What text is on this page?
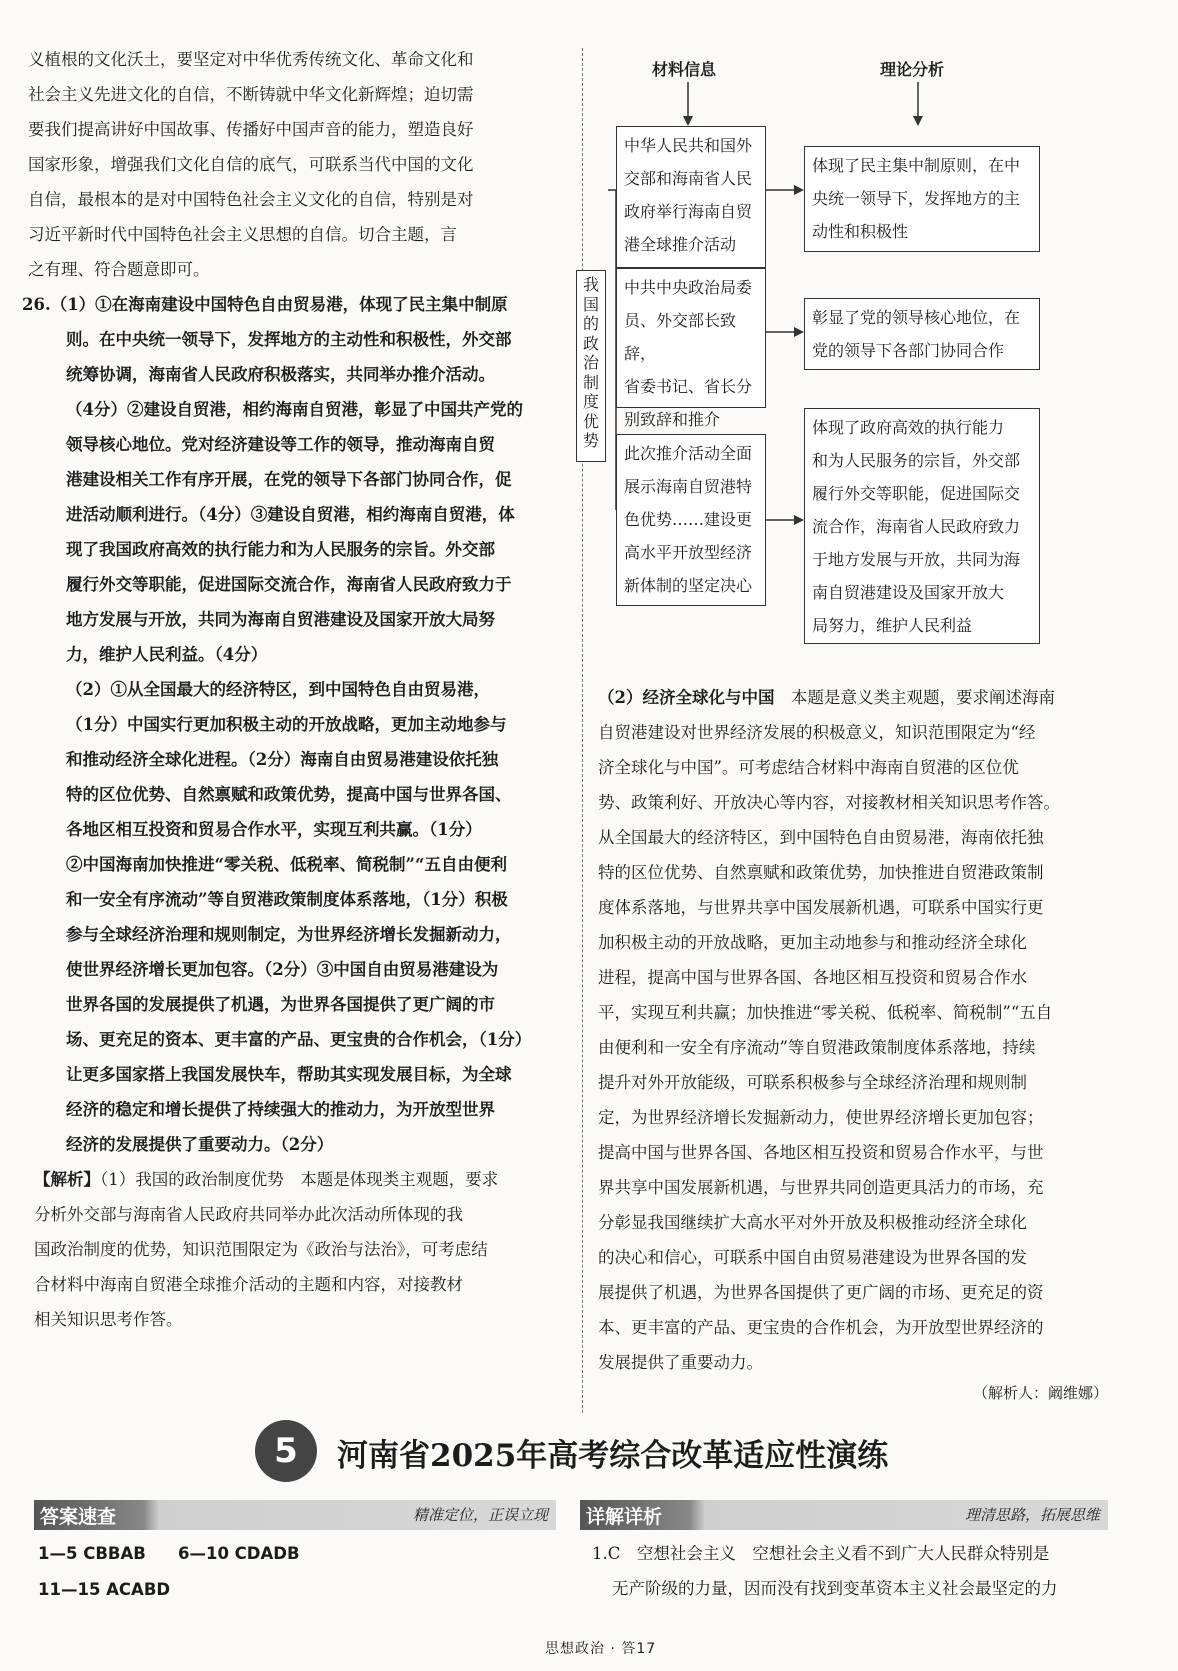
义植根的文化沃土，要坚定对中华优秀传统文化、革命文化和

社会主义先进文化的自信，不断铸就中华文化新辉煌；迫切需

要我们提高讲好中国故事、传播好中国声音的能力，塑造良好

国家形象，增强我们文化自信的底气，可联系当代中国的文化

自信，最根本的是对中国特色社会主义文化的自信，特别是对

习近平新时代中国特色社会主义思想的自信。切合主题，言

之有理、符合题意即可。

26.（1）①在海南建设中国特色自由贸易港，体现了民主集中制原

则。在中央统一领导下，发挥地方的主动性和积极性，外交部

统筹协调，海南省人民政府积极落实，共同举办推介活动。

（4分）②建设自贸港，相约海南自贸港，彰显了中国共产党的

领导核心地位。党对经济建设等工作的领导，推动海南自贸

港建设相关工作有序开展，在党的领导下各部门协同合作，促

进活动顺利进行。（4分）③建设自贸港，相约海南自贸港，体

现了我国政府高效的执行能力和为人民服务的宗旨。外交部

履行外交等职能，促进国际交流合作，海南省人民政府致力于

地方发展与开放，共同为海南自贸港建设及国家开放大局努

力，维护人民利益。（4分）

（2）①从全国最大的经济特区，到中国特色自由贸易港，

（1分）中国实行更加积极主动的开放战略，更加主动地参与

和推动经济全球化进程。（2分）海南自由贸易港建设依托独

特的区位优势、自然禀赋和政策优势，提高中国与世界各国、

各地区相互投资和贸易合作水平，实现互利共赢。（1分）

②中国海南加快推进“零关税、低税率、简税制”“五自由便利

和一安全有序流动”等自贸港政策制度体系落地，（1分）积极

参与全球经济治理和规则制定，为世界经济增长发掘新动力，

使世界经济增长更加包容。（2分）③中国自由贸易港建设为

世界各国的发展提供了机遇，为世界各国提供了更广阔的市

场、更充足的资本、更丰富的产品、更宝贵的合作机会，（1分）

让更多国家搭上我国发展快车，帮助其实现发展目标，为全球

经济的稳定和增长提供了持续强大的推动力，为开放型世界

经济的发展提供了重要动力。（2分）

【解析】（1）我国的政治制度优势　本题是体现类主观题，要求

分析外交部与海南省人民政府共同举办此次活动所体现的我

国政治制度的优势，知识范围限定为《政治与法治》，可考虑结

合材料中海南自贸港全球推介活动的主题和内容，对接教材

相关知识思考作答。

材料信息	理论分析
我国的政治制度优势
中华人民共和国外
交部和海南省人民
政府举行海南自贸
港全球推介活动
中共中央政治局委
员、外交部长致辞，
省委书记、省长分
别致辞和推介
此次推介活动全面
展示海南自贸港特
色优势……建设更
高水平开放型经济
新体制的坚定决心
体现了民主集中制原则，在中
央统一领导下，发挥地方的主
动性和积极性
彰显了党的领导核心地位，在
党的领导下各部门协同合作
体现了政府高效的执行能力
和为人民服务的宗旨，外交部
履行外交等职能，促进国际交
流合作，海南省人民政府致力
于地方发展与开放，共同为海
南自贸港建设及国家开放大
局努力，维护人民利益

（2）经济全球化与中国　本题是意义类主观题，要求阐述海南

自贸港建设对世界经济发展的积极意义，知识范围限定为“经

济全球化与中国”。可考虑结合材料中海南自贸港的区位优

势、政策利好、开放决心等内容，对接教材相关知识思考作答。

从全国最大的经济特区，到中国特色自由贸易港，海南依托独

特的区位优势、自然禀赋和政策优势，加快推进自贸港政策制

度体系落地，与世界共享中国发展新机遇，可联系中国实行更

加积极主动的开放战略，更加主动地参与和推动经济全球化

进程，提高中国与世界各国、各地区相互投资和贸易合作水

平，实现互利共赢；加快推进“零关税、低税率、简税制”“五自

由便利和一安全有序流动”等自贸港政策制度体系落地，持续

提升对外开放能级，可联系积极参与全球经济治理和规则制

定，为世界经济增长发掘新动力，使世界经济增长更加包容；

提高中国与世界各国、各地区相互投资和贸易合作水平，与世

界共享中国发展新机遇，与世界共同创造更具活力的市场，充

分彰显我国继续扩大高水平对外开放及积极推动经济全球化

的决心和信心，可联系中国自由贸易港建设为世界各国的发

展提供了机遇，为世界各国提供了更广阔的市场、更充足的资

本、更丰富的产品、更宝贵的合作机会，为开放型世界经济的

发展提供了重要动力。

（解析人：阚维娜）
5	河南省2025年高考综合改革适应性演练
答案速查	精准定位，正误立现
1—5 CBBAB 6—10 CDADB
11—15 ACABD
详解详析	理清思路，拓展思维

1.C　空想社会主义　空想社会主义看不到广大人民群众特别是

无产阶级的力量，因而没有找到变革资本主义社会最坚定的力

思想政治 · 答17
